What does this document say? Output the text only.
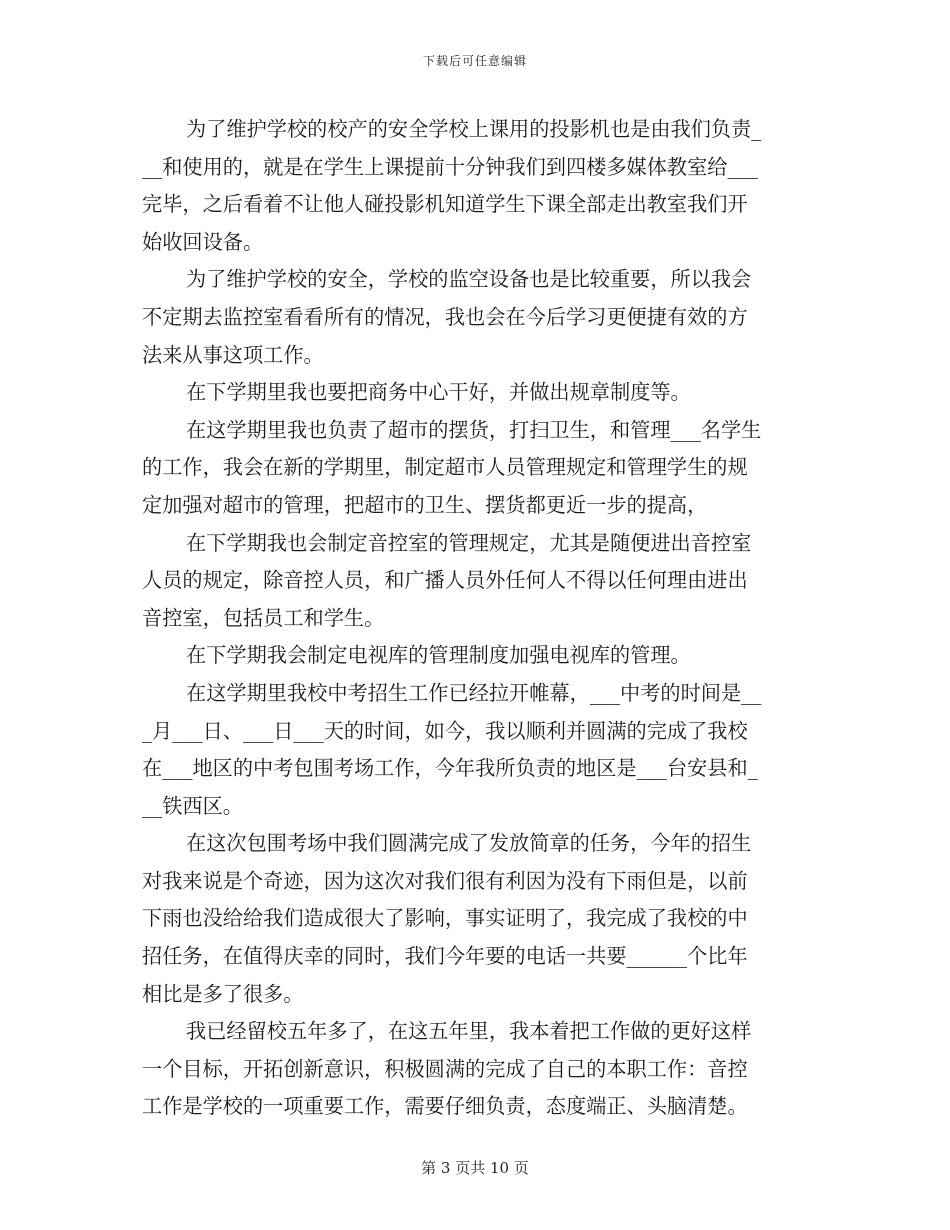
下载后可任意编辑
为了维护学校的校产的安全学校上课用的投影机也是由我们负责_
__和使用的，就是在学生上课提前十分钟我们到四楼多媒体教室给___
完毕，之后看着不让他人碰投影机知道学生下课全部走出教室我们开
始收回设备。
为了维护学校的安全，学校的监空设备也是比较重要，所以我会
不定期去监控室看看所有的情况，我也会在今后学习更便捷有效的方
法来从事这项工作。
在下学期里我也要把商务中心干好，并做出规章制度等。
在这学期里我也负责了超市的摆货，打扫卫生，和管理___名学生
的工作，我会在新的学期里，制定超市人员管理规定和管理学生的规
定加强对超市的管理，把超市的卫生、摆货都更近一步的提高，
在下学期我也会制定音控室的管理规定，尤其是随便进出音控室
人员的规定，除音控人员，和广播人员外任何人不得以任何理由进出
音控室，包括员工和学生。
在下学期我会制定电视库的管理制度加强电视库的管理。
在这学期里我校中考招生工作已经拉开帷幕，___中考的时间是__
_月___日、___日___天的时间，如今，我以顺利并圆满的完成了我校
在___地区的中考包围考场工作，今年我所负责的地区是___台安县和_
__铁西区。
在这次包围考场中我们圆满完成了发放简章的任务，今年的招生
对我来说是个奇迹，因为这次对我们很有利因为没有下雨但是，以前
下雨也没给给我们造成很大了影响，事实证明了，我完成了我校的中
招任务，在值得庆幸的同时，我们今年要的电话一共要______个比年
相比是多了很多。
我已经留校五年多了，在这五年里，我本着把工作做的更好这样
一个目标，开拓创新意识，积极圆满的完成了自己的本职工作：音控
工作是学校的一项重要工作，需要仔细负责，态度端正、头脑清楚。
第 3 页共 10 页
